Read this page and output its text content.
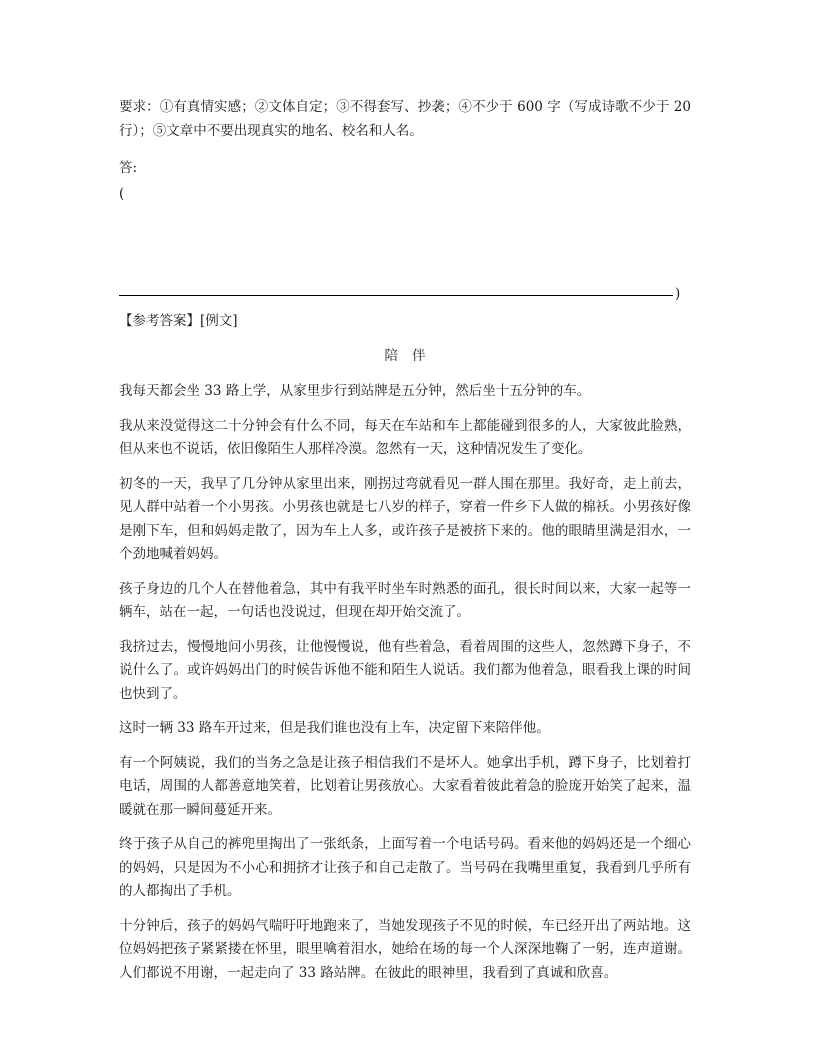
要求：①有真情实感；②文体自定；③不得套写、抄袭；④不少于 600 字（写成诗歌不少于 20 行）；⑤文章中不要出现真实的地名、校名和人名。

答:

(

)

【参考答案】[例文]

陪伴

我每天都会坐 33 路上学，从家里步行到站牌是五分钟，然后坐十五分钟的车。

我从来没觉得这二十分钟会有什么不同，每天在车站和车上都能碰到很多的人，大家彼此脸熟，但从来也不说话，依旧像陌生人那样冷漠。忽然有一天，这种情况发生了变化。

初冬的一天，我早了几分钟从家里出来，刚拐过弯就看见一群人围在那里。我好奇，走上前去，见人群中站着一个小男孩。小男孩也就是七八岁的样子，穿着一件乡下人做的棉袄。小男孩好像是刚下车，但和妈妈走散了，因为车上人多，或许孩子是被挤下来的。他的眼睛里满是泪水，一个劲地喊着妈妈。

孩子身边的几个人在替他着急，其中有我平时坐车时熟悉的面孔，很长时间以来，大家一起等一辆车，站在一起，一句话也没说过，但现在却开始交流了。

我挤过去，慢慢地问小男孩，让他慢慢说，他有些着急，看着周围的这些人，忽然蹲下身子，不说什么了。或许妈妈出门的时候告诉他不能和陌生人说话。我们都为他着急，眼看我上课的时间也快到了。

这时一辆 33 路车开过来，但是我们谁也没有上车，决定留下来陪伴他。

有一个阿姨说，我们的当务之急是让孩子相信我们不是坏人。她拿出手机，蹲下身子，比划着打电话，周围的人都善意地笑着，比划着让男孩放心。大家看着彼此着急的脸庞开始笑了起来，温暖就在那一瞬间蔓延开来。

终于孩子从自己的裤兜里掏出了一张纸条，上面写着一个电话号码。看来他的妈妈还是一个细心的妈妈，只是因为不小心和拥挤才让孩子和自己走散了。当号码在我嘴里重复，我看到几乎所有的人都掏出了手机。

十分钟后，孩子的妈妈气喘吁吁地跑来了，当她发现孩子不见的时候，车已经开出了两站地。这位妈妈把孩子紧紧搂在怀里，眼里噙着泪水，她给在场的每一个人深深地鞠了一躬，连声道谢。人们都说不用谢，一起走向了 33 路站牌。在彼此的眼神里，我看到了真诚和欣喜。
